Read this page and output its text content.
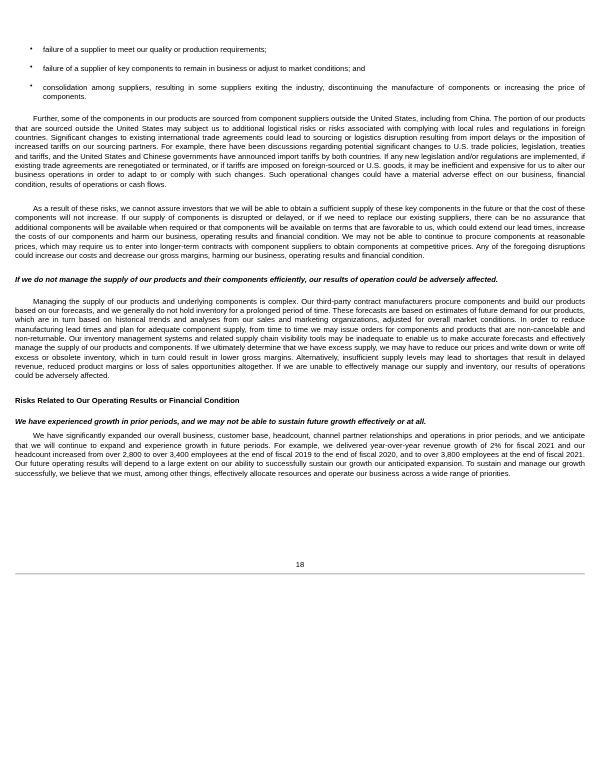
• failure of a supplier to meet our quality or production requirements;
• failure of a supplier of key components to remain in business or adjust to market conditions; and
• consolidation among suppliers, resulting in some suppliers exiting the industry, discontinuing the manufacture of components or increasing the price of components.

Further, some of the components in our products are sourced from component suppliers outside the United States, including from China. The portion of our products that are sourced outside the United States may subject us to additional logistical risks or risks associated with complying with local rules and regulations in foreign countries. Significant changes to existing international trade agreements could lead to sourcing or logistics disruption resulting from import delays or the imposition of increased tariffs on our sourcing partners. For example, there have been discussions regarding potential significant changes to U.S. trade policies, legislation, treaties and tariffs, and the United States and Chinese governments have announced import tariffs by both countries. If any new legislation and/or regulations are implemented, if existing trade agreements are renegotiated or terminated, or if tariffs are imposed on foreign-sourced or U.S. goods, it may be inefficient and expensive for us to alter our business operations in order to adapt to or comply with such changes. Such operational changes could have a material adverse effect on our business, financial condition, results of operations or cash flows.

As a result of these risks, we cannot assure investors that we will be able to obtain a sufficient supply of these key components in the future or that the cost of these components will not increase. If our supply of components is disrupted or delayed, or if we need to replace our existing suppliers, there can be no assurance that additional components will be available when required or that components will be available on terms that are favorable to us, which could extend our lead times, increase the costs of our components and harm our business, operating results and financial condition. We may not be able to continue to procure components at reasonable prices, which may require us to enter into longer-term contracts with component suppliers to obtain components at competitive prices. Any of the foregoing disruptions could increase our costs and decrease our gross margins, harming our business, operating results and financial condition.

If we do not manage the supply of our products and their components efficiently, our results of operation could be adversely affected.

Managing the supply of our products and underlying components is complex. Our third-party contract manufacturers procure components and build our products based on our forecasts, and we generally do not hold inventory for a prolonged period of time. These forecasts are based on estimates of future demand for our products, which are in turn based on historical trends and analyses from our sales and marketing organizations, adjusted for overall market conditions. In order to reduce manufacturing lead times and plan for adequate component supply, from time to time we may issue orders for components and products that are non-cancelable and non-returnable. Our inventory management systems and related supply chain visibility tools may be inadequate to enable us to make accurate forecasts and effectively manage the supply of our products and components. If we ultimately determine that we have excess supply, we may have to reduce our prices and write down or write off excess or obsolete inventory, which in turn could result in lower gross margins. Alternatively, insufficient supply levels may lead to shortages that result in delayed revenue, reduced product margins or loss of sales opportunities altogether. If we are unable to effectively manage our supply and inventory, our results of operations could be adversely affected.

Risks Related to Our Operating Results or Financial Condition
We have experienced growth in prior periods, and we may not be able to sustain future growth effectively or at all.

We have significantly expanded our overall business, customer base, headcount, channel partner relationships and operations in prior periods, and we anticipate that we will continue to expand and experience growth in future periods. For example, we delivered year-over-year revenue growth of 2% for fiscal 2021 and our headcount increased from over 2,800 to over 3,400 employees at the end of fiscal 2019 to the end of fiscal 2020, and to over 3,800 employees at the end of fiscal 2021. Our future operating results will depend to a large extent on our ability to successfully sustain our growth our anticipated expansion. To sustain and manage our growth successfully, we believe that we must, among other things, effectively allocate resources and operate our business across a wide range of priorities.

18
